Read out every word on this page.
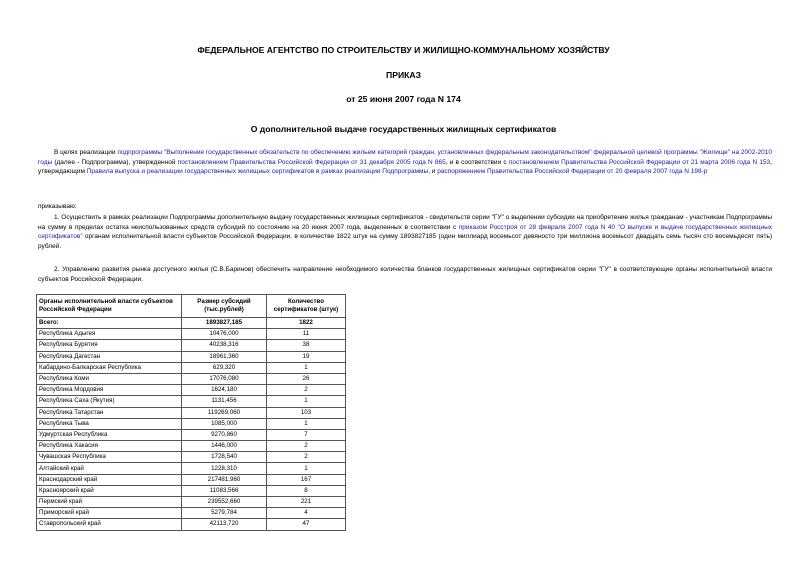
ФЕДЕРАЛЬНОЕ АГЕНТСТВО ПО СТРОИТЕЛЬСТВУ И ЖИЛИЩНО-КОММУНАЛЬНОМУ ХОЗЯЙСТВУ
ПРИКАЗ
от 25 июня 2007 года N 174
О дополнительной выдаче государственных жилищных сертификатов
В целях реализации подпрограммы "Выполнение государственных обязательств по обеспечению жильем категорий граждан, установленных федеральным законодательством" федеральной целевой программы "Жилище" на 2002-2010 годы (далее - Подпрограмма), утвержденной постановлением Правительства Российской Федерации от 31 декабря 2005 года N 865, и в соответствии с постановлением Правительства Российской Федерации от 21 марта 2006 года N 153, утверждающим Правила выпуска и реализации государственных жилищных сертификатов в рамках реализации Подпрограммы, и распоряжением Правительства Российской Федерации от 20 февраля 2007 года N 198-р
приказываю:
1. Осуществить в рамках реализации Подпрограммы дополнительную выдачу государственных жилищных сертификатов - свидетельств серии "ГУ" о выделении субсидии на приобретение жилья гражданам - участникам Подпрограммы на сумму в пределах остатка неиспользованных средств субсидий по состоянию на 20 июня 2007 года, выделенных в соответствии с приказом Росстроя от 28 февраля 2007 года N 40 "О выпуске и выдаче государственных жилищных сертификатов" органам исполнительной власти субъектов Российской Федерации, в количестве 1822 штук на сумму 1893827185 (один миллиард восемьсот девяносто три миллиона восемьсот двадцать семь тысяч сто восемьдесят пять) рублей.
2. Управлению развития рынка доступного жилья (С.В.Баринов) обеспечить направление необходимого количества бланков государственных жилищных сертификатов серии "ГУ" в соответствующие органы исполнительной власти субъектов Российской Федерации.
Органы исполнительной власти субъектов Российской Федерации	Размер субсидий (тыс.рублей)	Количество сертификатов (штук)
Всего:	1893827,185	1822
Республика Адыгея	10476,000	11
Республика Бурятия	40238,316	38
Республика Дагестан	18961,360	19
Кабардино-Балкарская Республика	629,320	1
Республика Коми	17076,080	26
Республика Мордовия	1624,180	2
Республика Саха (Якутия)	1131,456	1
Республика Татарстан	119269,060	103
Республика Тыва	1085,000	1
Удмуртская Республика	9270,860	7
Республика Хакасия	1446,000	2
Чувашская Республика	1728,540	2
Алтайский край	1228,310	1
Краснодарский край	217481,960	167
Красноярский край	11083,566	8
Пермский край	239552,660	221
Приморский край	5279,784	4
Ставропольский край	42113,720	47
